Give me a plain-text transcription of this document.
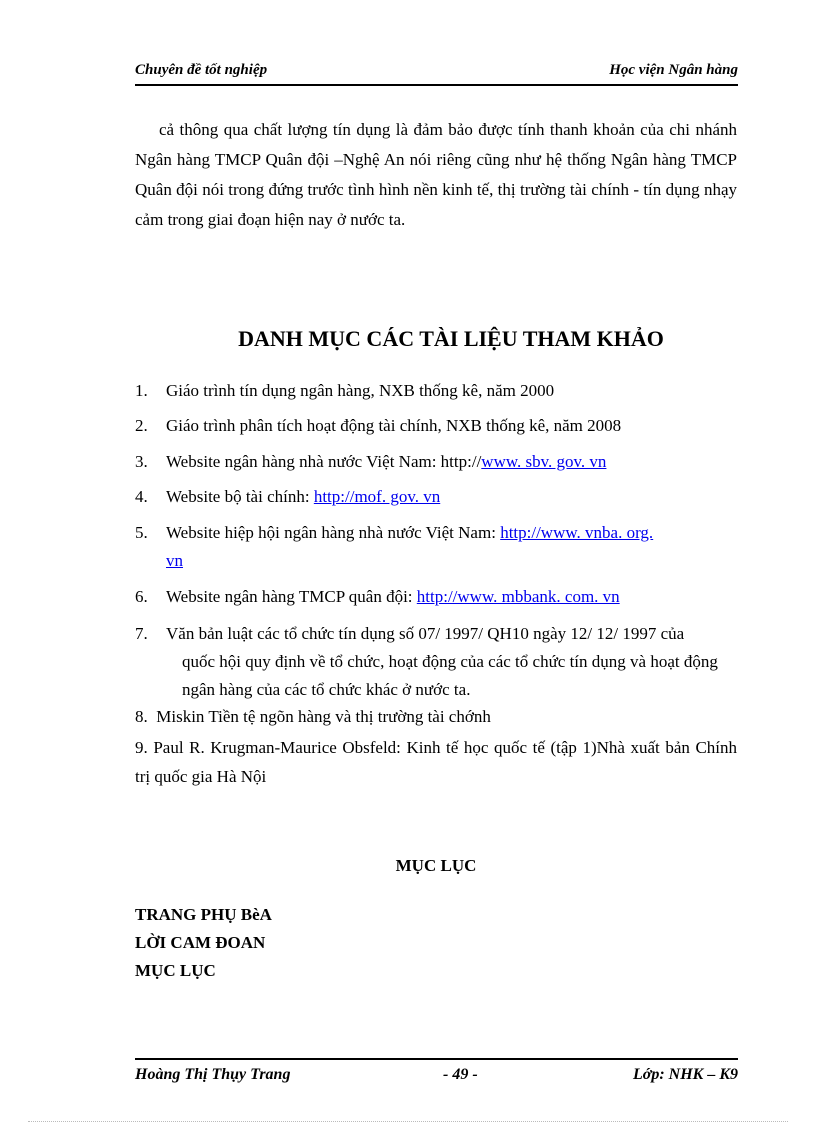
Chuyên đề tốt nghiệp	Học viện Ngân hàng

cả thông qua chất lượng tín dụng là đảm bảo được tính thanh khoản của chi nhánh Ngân hàng TMCP Quân đội –Nghệ An nói riêng cũng như hệ thống Ngân hàng TMCP Quân đội nói trong đứng trước tình hình nền kinh tế, thị trường tài chính - tín dụng nhạy cảm trong giai đoạn hiện nay ở nước ta.

DANH MỤC CÁC TÀI LIỆU THAM KHẢO

1. Giáo trình tín dụng ngân hàng, NXB thống kê, năm 2000

2. Giáo trình phân tích hoạt động tài chính, NXB thống kê, năm 2008

3. Website ngân hàng nhà nước Việt Nam: http://www. sbv. gov. vn

4. Website bộ tài chính: http://mof. gov. vn

5. Website hiệp hội ngân hàng nhà nước Việt Nam: http://www. vnba. org.

vn

6. Website ngân hàng TMCP quân đội: http://www. mbbank. com. vn

7. Văn bản luật các tổ chức tín dụng số 07/ 1997/ QH10 ngày 12/ 12/ 1997 của

quốc hội quy định về tổ chức, hoạt động của các tổ chức tín dụng và hoạt động

ngân hàng của các tổ chức khác ở nước ta.

8. Miskin Tiền tệ ngõn hàng và thị trường tài chớnh

9. Paul R. Krugman-Maurice Obsfeld: Kinh tế học quốc tế (tập 1)Nhà xuất bản Chính trị quốc gia Hà Nội

MỤC LỤC

TRANG PHỤ BèA

LỜI CAM ĐOAN

MỤC LỤC

Hoàng Thị Thụy Trang	- 49 -	Lớp: NHK – K9
